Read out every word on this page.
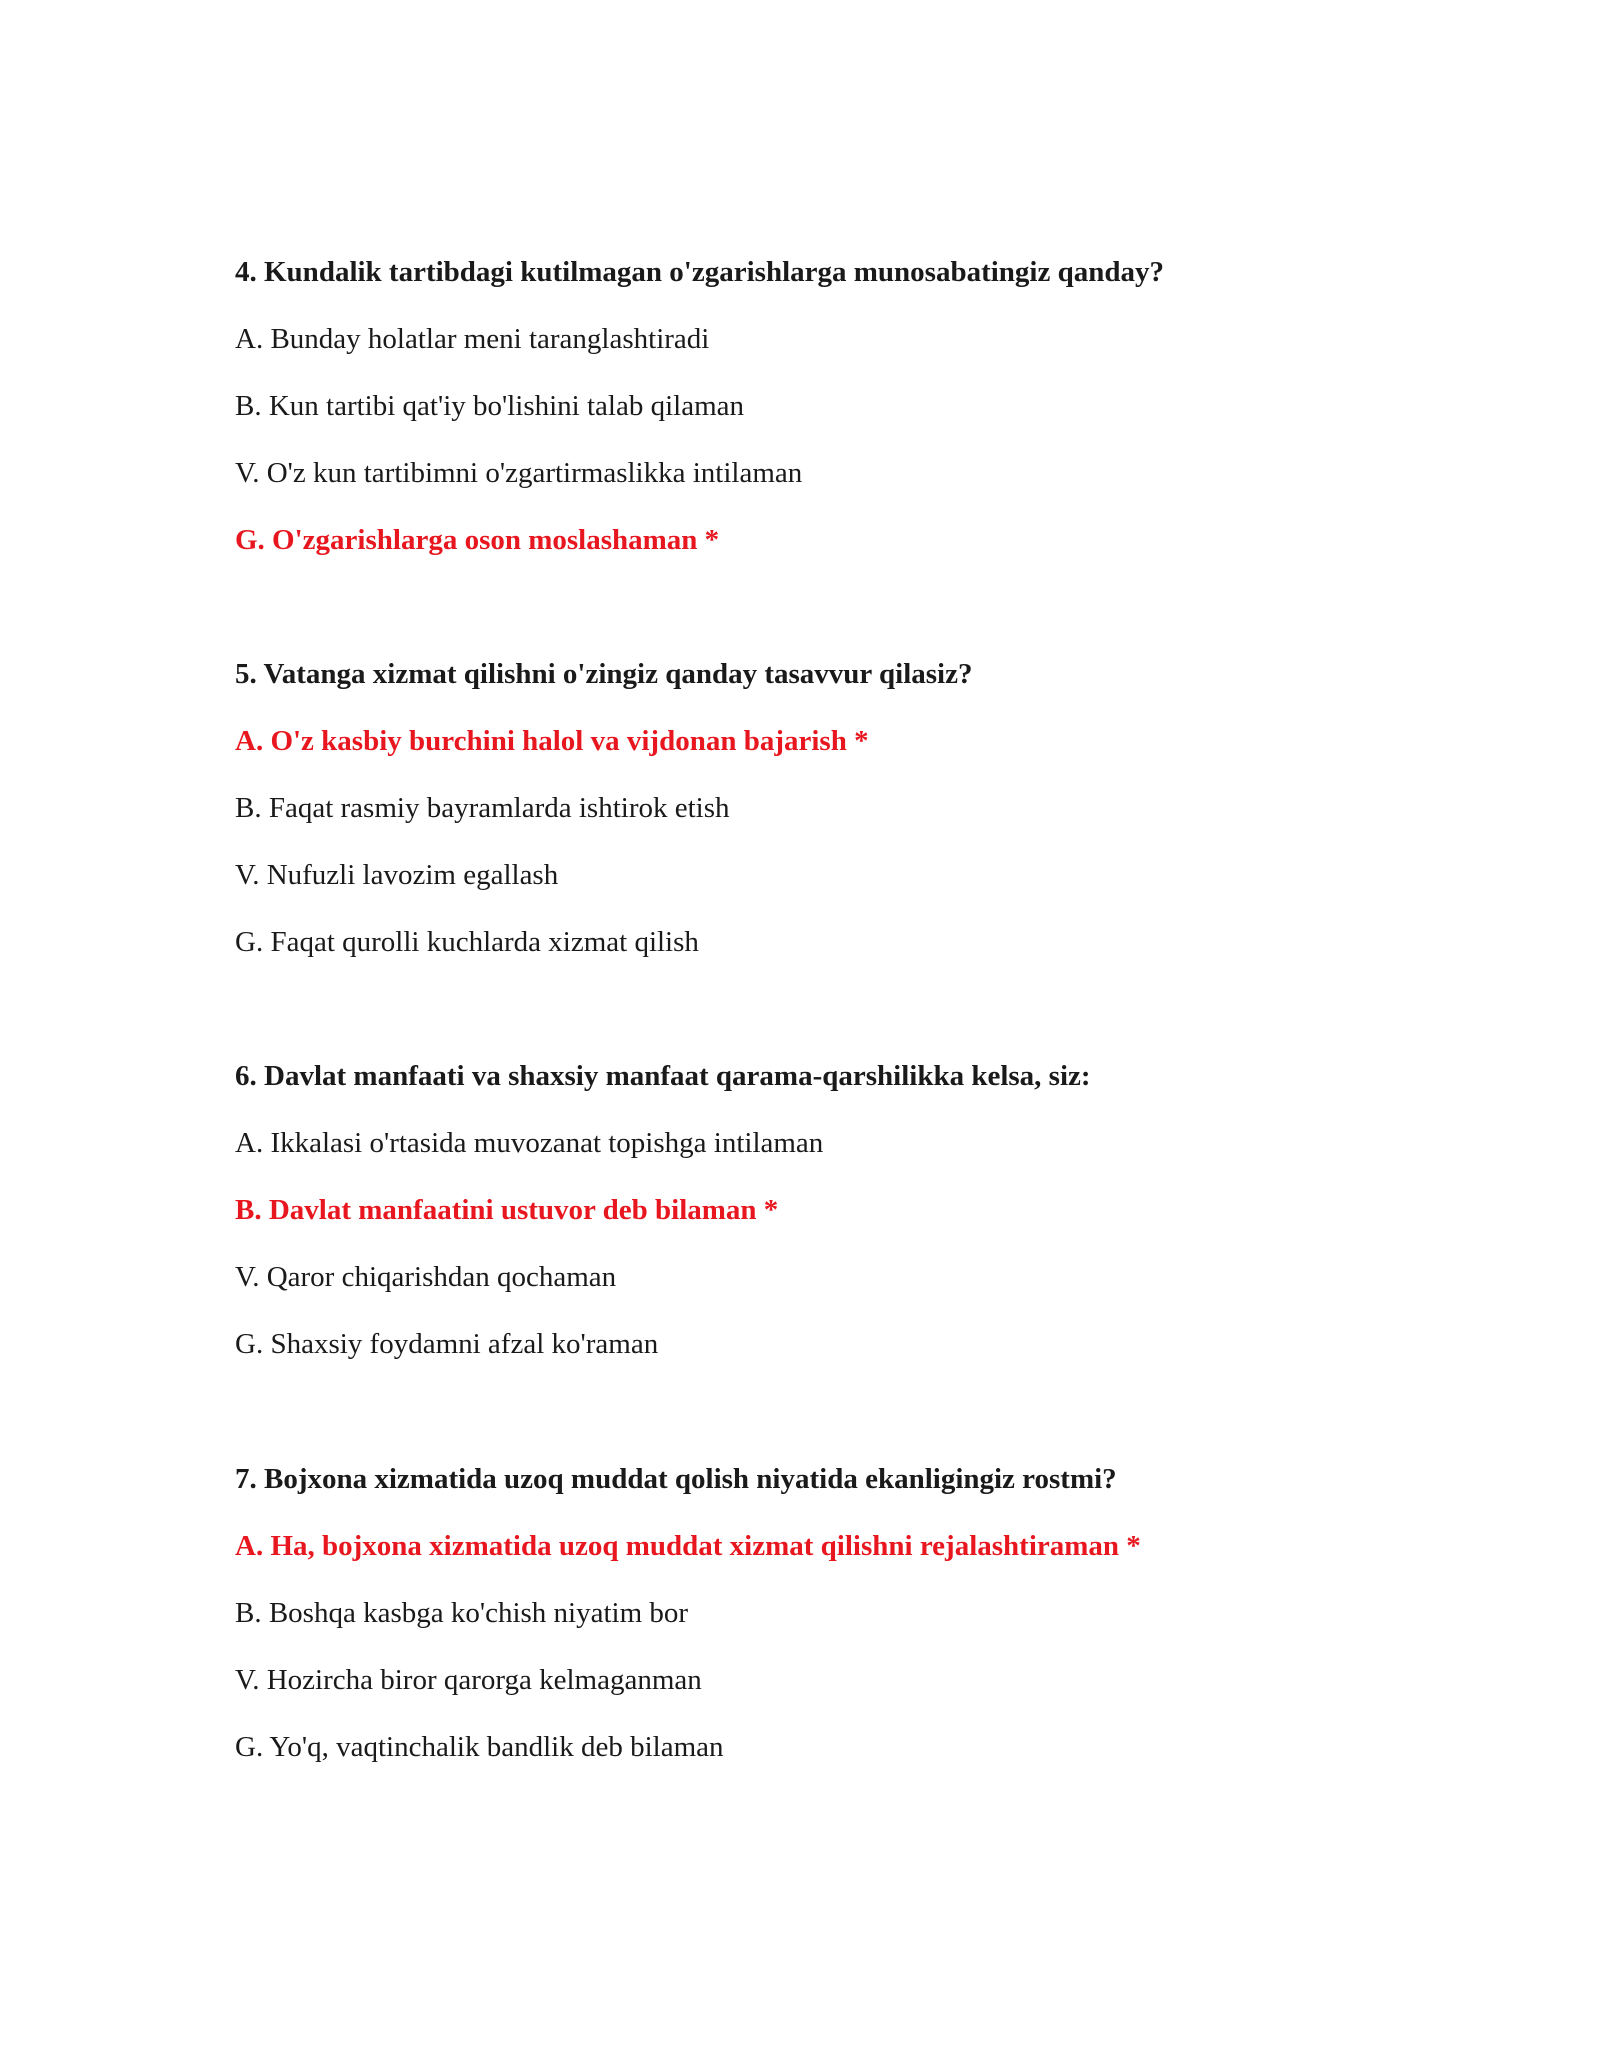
4. Kundalik tartibdagi kutilmagan o'zgarishlarga munosabatingiz qanday?

A. Bunday holatlar meni taranglashtiradi

B. Kun tartibi qat'iy bo'lishini talab qilaman

V. O'z kun tartibimni o'zgartirmaslikka intilaman

G. O'zgarishlarga oson moslashaman *

5. Vatanga xizmat qilishni o'zingiz qanday tasavvur qilasiz?

A. O'z kasbiy burchini halol va vijdonan bajarish *

B. Faqat rasmiy bayramlarda ishtirok etish

V. Nufuzli lavozim egallash

G. Faqat qurolli kuchlarda xizmat qilish

6. Davlat manfaati va shaxsiy manfaat qarama-qarshilikka kelsa, siz:

A. Ikkalasi o'rtasida muvozanat topishga intilaman

B. Davlat manfaatini ustuvor deb bilaman *

V. Qaror chiqarishdan qochaman

G. Shaxsiy foydamni afzal ko'raman

7. Bojxona xizmatida uzoq muddat qolish niyatida ekanligingiz rostmi?

A. Ha, bojxona xizmatida uzoq muddat xizmat qilishni rejalashtiraman *

B. Boshqa kasbga ko'chish niyatim bor

V. Hozircha biror qarorga kelmaganman

G. Yo'q, vaqtinchalik bandlik deb bilaman
